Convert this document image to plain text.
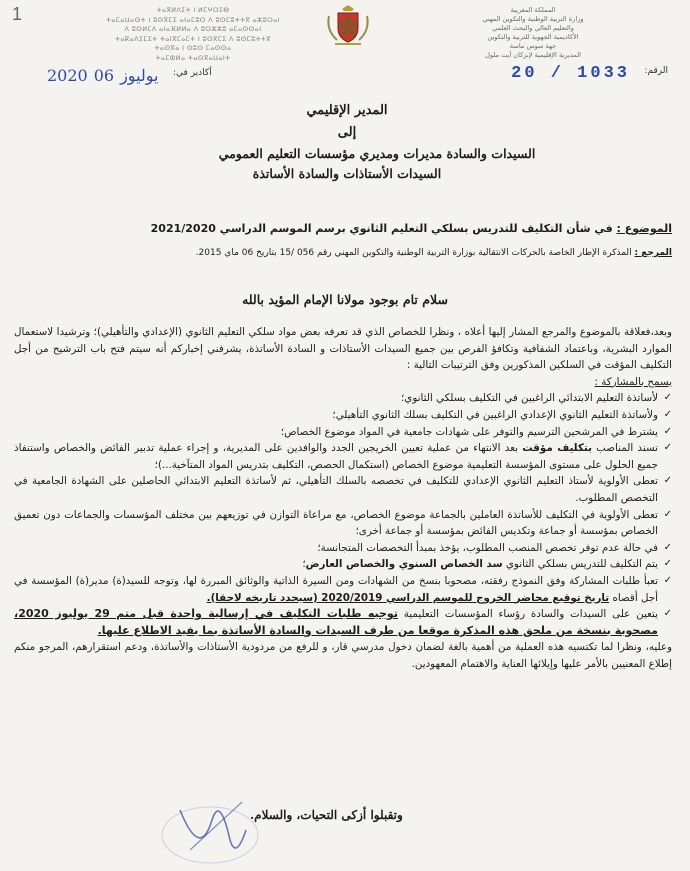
1	المملكة المغربية
وزارة التربية الوطنية والتكوين المهني
والتعليم العالي والبحث العلمي
الأكاديمية الجهوية للتربية والتكوين
جهة سوس ماسة
المديرية الإقليمية لإنزكان أيت ملول
ⵜⴰⴳⵍⴷⵉⵜ ⵏ ⵍⵎⵖⵔⵉⴱ
ⵜⴰⵎⴰⵡⴰⵙⵜ ⵏ ⵓⵙⴳⵎⵉ ⴰⵏⴰⵎⵓⵔ ⴷ ⵓⵙⵎⵓⵜⵜⴳ ⴰⵣⵓⵔⴰⵏ
ⴷ ⵓⵙⵍⵎⴷ ⴰⵏⴰⴼⵍⵍⴰ ⴷ ⵓⵔⵣⵣⵓ ⴰⵎⴰⵙⵙⴰⵏ
ⵜⴰⴽⴰⴷⵉⵎⵉⵜ ⵜⴰⵏⴳⵎⴰⵎⵜ ⵏ ⵓⵙⴳⵎⵉ ⴷ ⵓⵙⵎⵓⵜⵜⴳ
ⵜⴰⵙⴳⴰ ⵏ ⵙⵓⵙ ⵎⴰⵙⵙⴰ
ⵜⴰⵎⵀⵍⴰ ⵜⴰⵙⴳⴰⵡⴰⵏⵜ
الرقم:
20 / 1033
أكادير في:
2020 يوليوز06
المدير الإقليمي
إلى
السيدات والسادة مديرات ومديري مؤسسات التعليم العمومي
السيدات الأستاذات والسادة الأساتذة
الموضوع : في شأن التكليف للتدريس بسلكي التعليم الثانوي برسم الموسم الدراسي 2021/2020
المرجع : المذكرة الإطار الخاصة بالحركات الانتقالية بوزارة التربية الوطنية والتكوين المهني رقم 056 /15 بتاريخ 06 ماي 2015.
سلام تام بوجود مولانا الإمام المؤيد بالله

وبعد،فعلاقة بالموضوع والمرجع المشار إليها أعلاه ، ونظرا للخصاص الذي قد تعرفه بعض مواد سلكي التعليم الثانوي (الإعدادي والتأهيلي)؛ وترشيدا لاستعمال الموارد البشرية، وباعتماد الشفافية وتكافؤ الفرص بين جميع السيدات الأستاذات و السادة الأساتذة، يشرفني إخباركم أنه سيتم فتح باب الترشيح من أجل التكليف المؤقت في السلكين المذكورين وفق الترتيبات التالية :

يسمح بالمشاركة :

✓
لأساتذة التعليم الابتدائي الراغبين في التكليف بسلكي الثانوي؛
✓
ولأساتذة التعليم الثانوي الإعدادي الراغبين في التكليف بسلك الثانوي التأهيلي؛
✓
يشترط في المرشحين الترسيم والتوفر على شهادات جامعية في المواد موضوع الخصاص؛
✓
تسند المناصب بتكليف مؤقت بعد الانتهاء من عملية تعيين الخريجين الجدد والوافدين على المديرية، و إجراء عملية تدبير الفائض والخصاص واستنفاذ جميع الحلول على مستوى المؤسسة التعليمية موضوع الخصاص (استكمال الحصص، التكليف بتدريس المواد المتآخية...)؛
✓
تعطى الأولوية لأستاذ التعليم الثانوي الإعدادي للتكليف في تخصصه بالسلك التأهيلي، ثم لأساتذة التعليم الابتدائي الحاصلين على الشهادة الجامعية في التخصص المطلوب.
✓
تعطى الأولوية في التكليف للأساتذة العاملين بالجماعة موضوع الخصاص، مع مراعاة التوازن في توزيعهم بين مختلف المؤسسات والجماعات دون تعميق الخصاص بمؤسسة أو جماعة وتكديس الفائض بمؤسسة أو جماعة أخرى؛
✓
في حالة عدم توفر تخصص المنصب المطلوب، يؤخذ بمبدأ التخصصات المتجانسة؛
✓
يتم التكليف للتدريس بسلكي الثانوي سد الخصاص السنوي والخصاص العارض؛
✓
تعبأ طلبات المشاركة وفق النموذج رفقته، مصحوبا بنسخ من الشهادات ومن السيرة الذاتية والوثائق المبررة لها، وتوجه للسيد(ة) مدير(ة) المؤسسة في أجل أقصاه تاريخ توقيع محاضر الخروج للموسم الدراسي 2020/2019 (سيحدد تاريخه لاحقا).
✓
يتعين على السيدات والسادة رؤساء المؤسسات التعليمية توجيه طلبات التكليف في إرسالية واحدة قبل متم 29 يوليوز 2020، مصحوبة بنسخة من ملحق هذه المذكرة موقعا من طرف السيدات والسادة الأساتذة بما يفيد الاطلاع عليها.

وعليه، ونظرا لما تكتسيه هذه العملية من أهمية بالغة لضمان دخول مدرسي قار، و للرفع من مردودية الأستاذات والأساتذة، ودعم استقرارهم، المرجو منكم إطلاع المعنيين بالأمر عليها وإيلائها العناية والاهتمام المعهودين.

وتقبلوا أزكى التحيات، والسلام.
